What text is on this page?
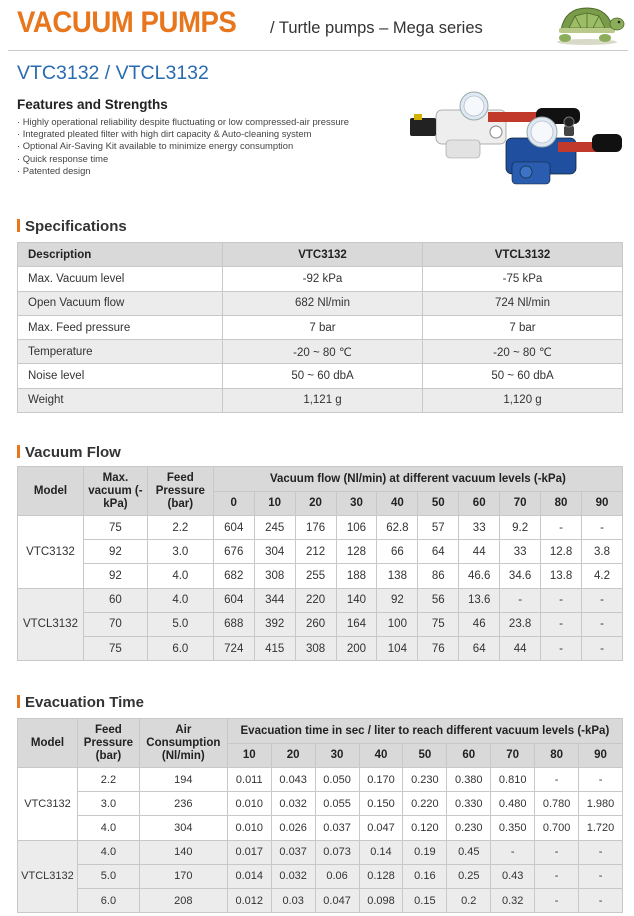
VACUUM PUMPS / Turtle pumps – Mega series
VTC3132 / VTCL3132
Features and Strengths
· Highly operational reliability despite fluctuating or low compressed-air pressure
· Integrated pleated filter with high dirt capacity & Auto-cleaning system
· Optional Air-Saving Kit available to minimize energy consumption
· Quick response time
· Patented design
Specifications
Description	VTC3132	VTCL3132
Max. Vacuum level	-92 kPa	-75 kPa
Open Vacuum flow	682 Nl/min	724 Nl/min
Max. Feed pressure	7 bar	7 bar
Temperature	-20 ~ 80 ℃	-20 ~ 80 ℃
Noise level	50 ~ 60 dbA	50 ~ 60 dbA
Weight	1,121 g	1,120 g
Vacuum Flow
Model	Max. vacuum (-kPa)	Feed Pressure (bar)	Vacuum flow (Nl/min) at different vacuum levels (-kPa)									
			0	10	20	30	40	50	60	70	80	90
VTC3132	75	2.2	604	245	176	106	62.8	57	33	9.2	-	-
	92	3.0	676	304	212	128	66	64	44	33	12.8	3.8
	92	4.0	682	308	255	188	138	86	46.6	34.6	13.8	4.2
VTCL3132	60	4.0	604	344	220	140	92	56	13.6	-	-	-
	70	5.0	688	392	260	164	100	75	46	23.8	-	-
	75	6.0	724	415	308	200	104	76	64	44	-	-
Evacuation Time
Model	Feed Pressure (bar)	Air Consumption (Nl/min)	Evacuation time in sec / liter to reach different vacuum levels (-kPa)								
			10	20	30	40	50	60	70	80	90
VTC3132	2.2	194	0.011	0.043	0.050	0.170	0.230	0.380	0.810	-	-
	3.0	236	0.010	0.032	0.055	0.150	0.220	0.330	0.480	0.780	1.980
	4.0	304	0.010	0.026	0.037	0.047	0.120	0.230	0.350	0.700	1.720
VTCL3132	4.0	140	0.017	0.037	0.073	0.14	0.19	0.45	-	-	-
	5.0	170	0.014	0.032	0.06	0.128	0.16	0.25	0.43	-	-
	6.0	208	0.012	0.03	0.047	0.098	0.15	0.2	0.32	-	-
